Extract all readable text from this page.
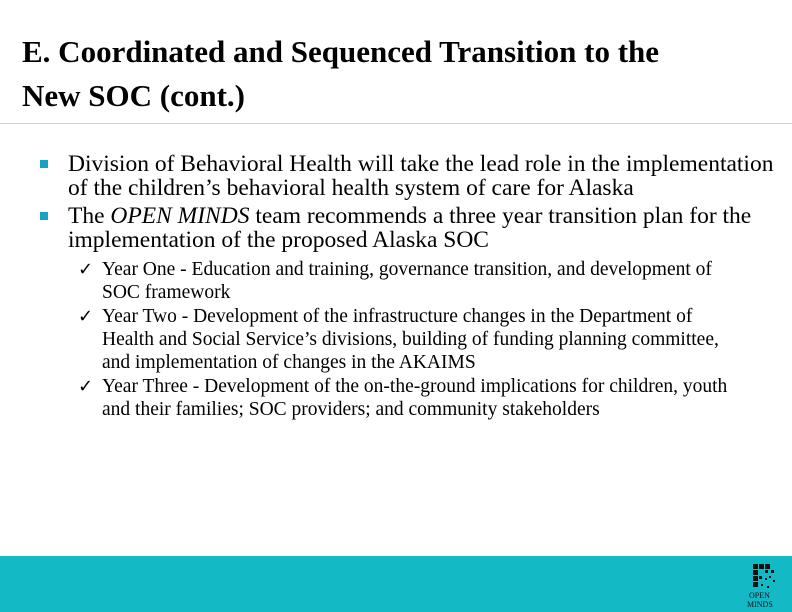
E. Coordinated and Sequenced Transition to the
New SOC (cont.)
Division of Behavioral Health will take the lead role in the implementation of the children’s behavioral health system of care for Alaska
The OPEN MINDS team recommends a three year transition plan for the implementation of the proposed Alaska SOC
✓ Year One - Education and training, governance transition, and development of SOC framework
✓ Year Two - Development of the infrastructure changes in the Department of Health and Social Service’s divisions, building of funding planning committee, and implementation of changes in the AKAIMS
✓ Year Three - Development of the on-the-ground implications for children, youth and their families; SOC providers; and community stakeholders
OPEN
MINDS
